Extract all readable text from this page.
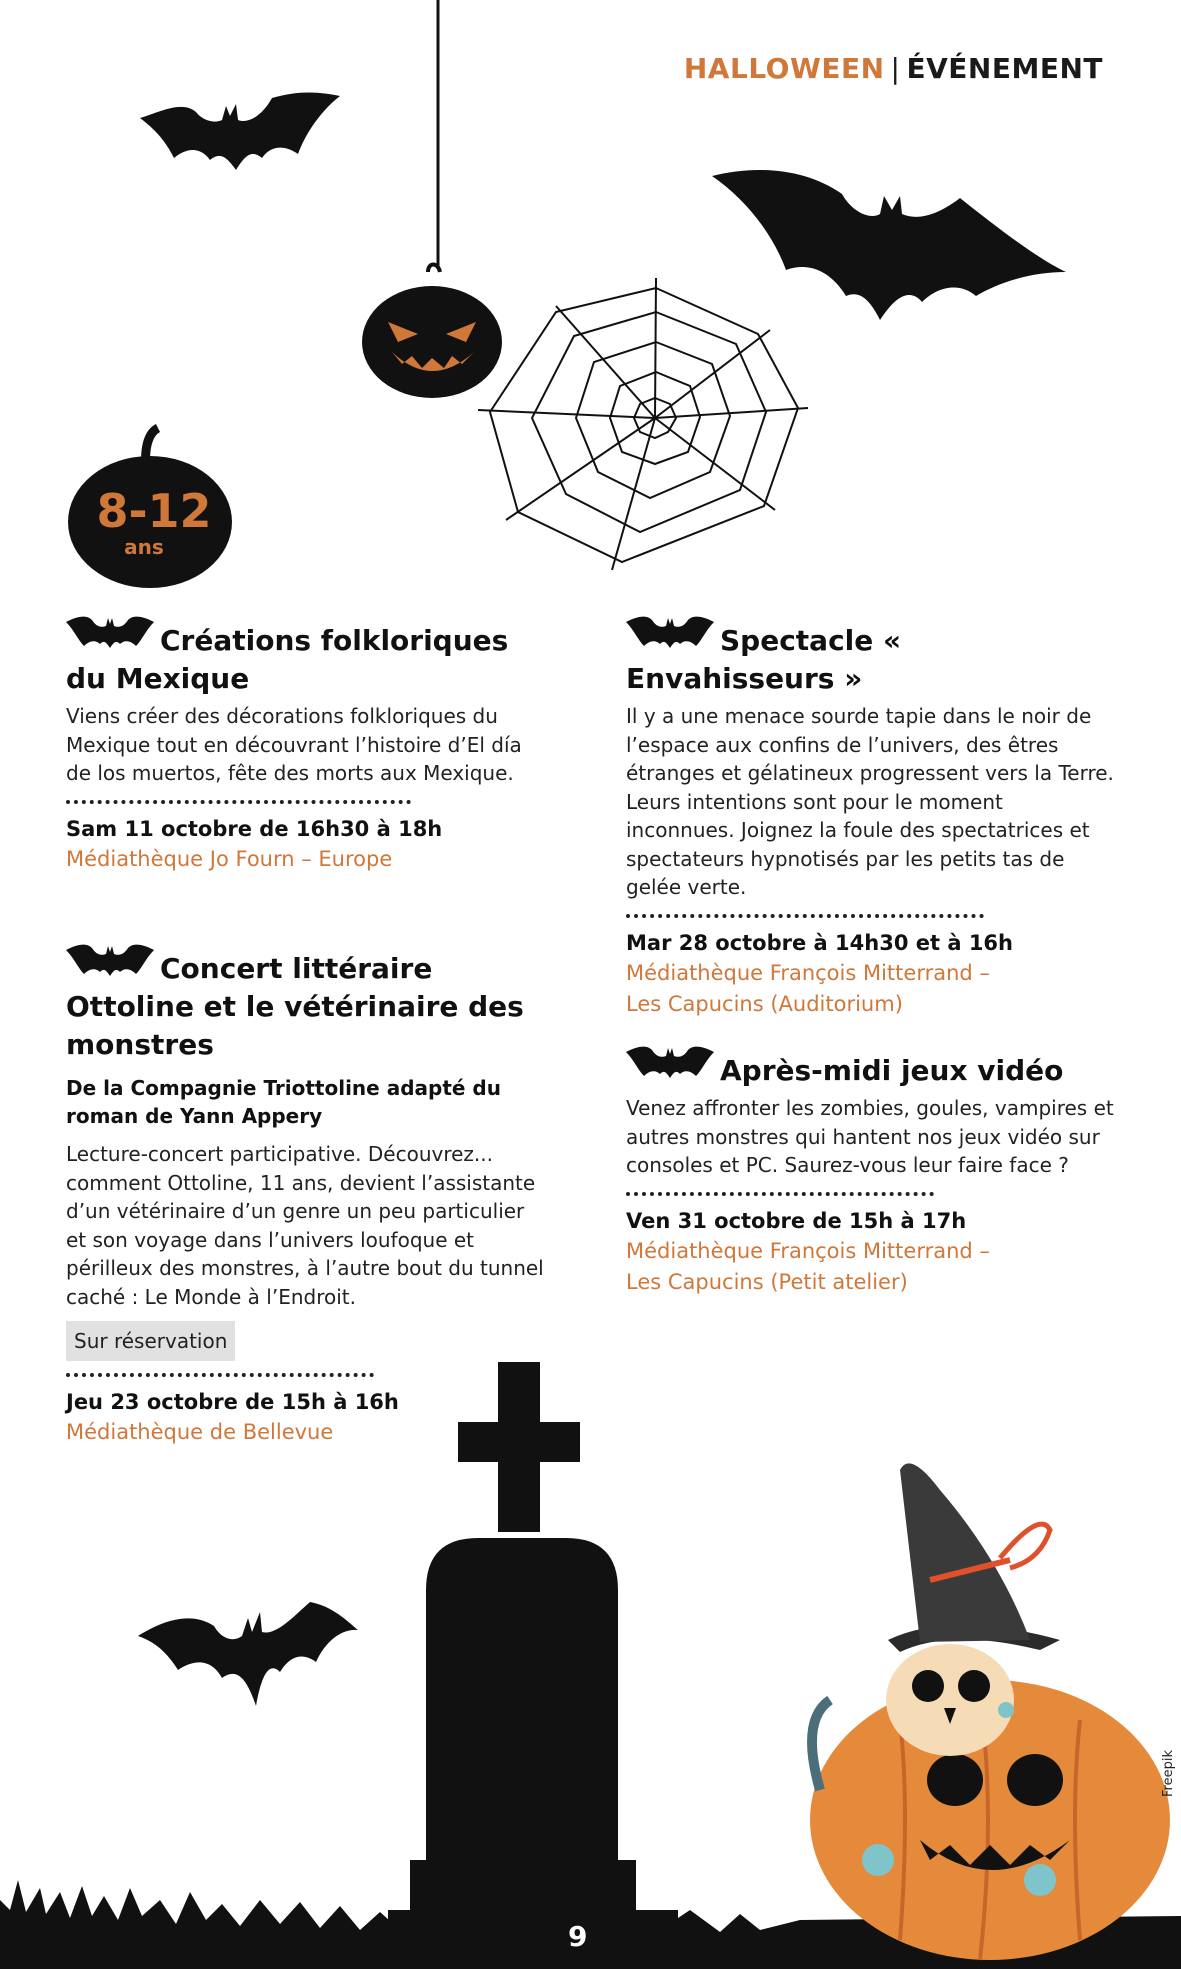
HALLOWEEN | ÉVÉNEMENT
8-12
ans
Créations folkloriques du Mexique

Viens créer des décorations folkloriques du Mexique tout en découvrant l’histoire d’El día de los muertos, fête des morts aux Mexique.

Sam 11 octobre de 16h30 à 18h

Médiathèque Jo Fourn – Europe

Concert littéraire Ottoline et le vétérinaire des monstres

De la Compagnie Triottoline adapté du roman de Yann Appery

Lecture-concert participative. Découvrez... comment Ottoline, 11 ans, devient l’assistante d’un vétérinaire d’un genre un peu particulier et son voyage dans l’univers loufoque et périlleux des monstres, à l’autre bout du tunnel caché : Le Monde à l’Endroit.

Sur réservation

Jeu 23 octobre de 15h à 16h

Médiathèque de Bellevue

Spectacle « Envahisseurs »

Il y a une menace sourde tapie dans le noir de l’espace aux confins de l’univers, des êtres étranges et gélatineux progressent vers la Terre. Leurs intentions sont pour le moment inconnues. Joignez la foule des spectatrices et spectateurs hypnotisés par les petits tas de gelée verte.

Mar 28 octobre à 14h30 et à 16h

Médiathèque François Mitterrand –
Les Capucins (Auditorium)

Après-midi jeux vidéo

Venez affronter les zombies, goules, vampires et autres monstres qui hantent nos jeux vidéo sur consoles et PC. Saurez-vous leur faire face ?

Ven 31 octobre de 15h à 17h

Médiathèque François Mitterrand –
Les Capucins (Petit atelier)

Freepik
9
